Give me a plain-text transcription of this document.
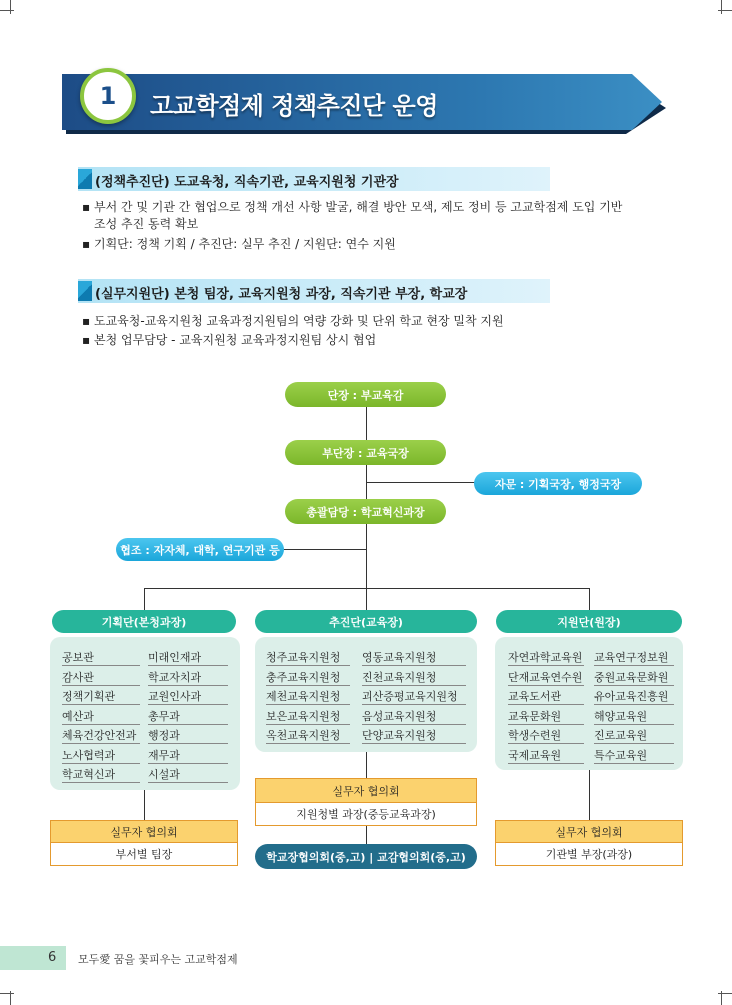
1 고교학점제 정책추진단 운영
(정책추진단) 도교육청, 직속기관, 교육지원청 기관장
▪ 부서 간 및 기관 간 협업으로 정책 개선 사항 발굴, 해결 방안 모색, 제도 정비 등 고교학점제 도입 기반
조성 추진 동력 확보
▪ 기획단: 정책 기획 / 추진단: 실무 추진 / 지원단: 연수 지원
(실무지원단) 본청 팀장, 교육지원청 과장, 직속기관 부장, 학교장
▪ 도교육청-교육지원청 교육과정지원팀의 역량 강화 및 단위 학교 현장 밀착 지원
▪ 본청 업무담당 - 교육지원청 교육과정지원팀 상시 협업
단장 : 부교육감
부단장 : 교육국장
자문 : 기획국장, 행정국장
총괄담당 : 학교혁신과장
협조 : 자자체, 대학, 연구기관 등
기획단(본청과장)
공보관	미래인재과
감사관	학교자치과
정책기획관	교원인사과
예산과	총무과
체육건강안전과 행정과
노사협력과	재무과
학교혁신과	시설과
실무자 협의회
부서별 팀장
추진단(교육장)
청주교육지원청 영동교육지원청
충주교육지원청 진천교육지원청
제천교육지원청 괴산증평교육지원청
보은교육지원청 음성교육지원청
옥천교육지원청 단양교육지원청
실무자 협의회
지원청별 과장(중등교육과장)
학교장협의회(중,고) | 교감협의회(중,고)
지원단(원장)
자연과학교육원 교육연구정보원
단재교육연수원 중원교육문화원
교육도서관	유아교육진흥원
교육문화원	해양교육원
학생수련원	진로교육원
국제교육원	특수교육원
실무자 협의회
기관별 부장(과장)
6 모두愛 꿈을 꽃피우는 고교학점제
